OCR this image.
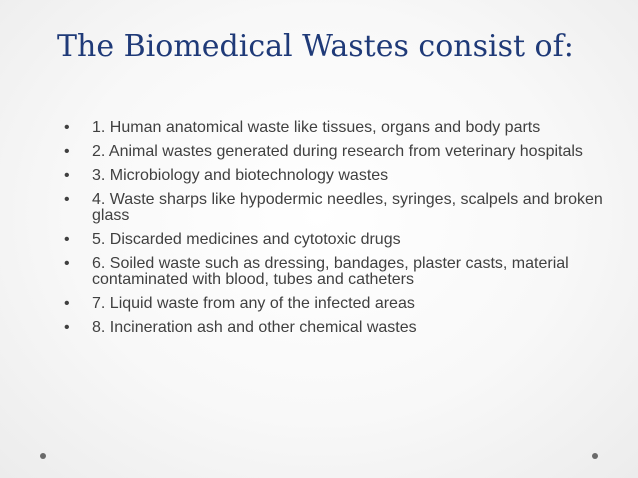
The Biomedical Wastes consist of:
• 1. Human anatomical waste like tissues, organs and body parts
• 2. Animal wastes generated during research from veterinary hospitals
• 3. Microbiology and biotechnology wastes
• 4. Waste sharps like hypodermic needles, syringes, scalpels and broken glass
• 5. Discarded medicines and cytotoxic drugs
• 6. Soiled waste such as dressing, bandages, plaster casts, material contaminated with blood, tubes and catheters
• 7. Liquid waste from any of the infected areas
• 8. Incineration ash and other chemical wastes
